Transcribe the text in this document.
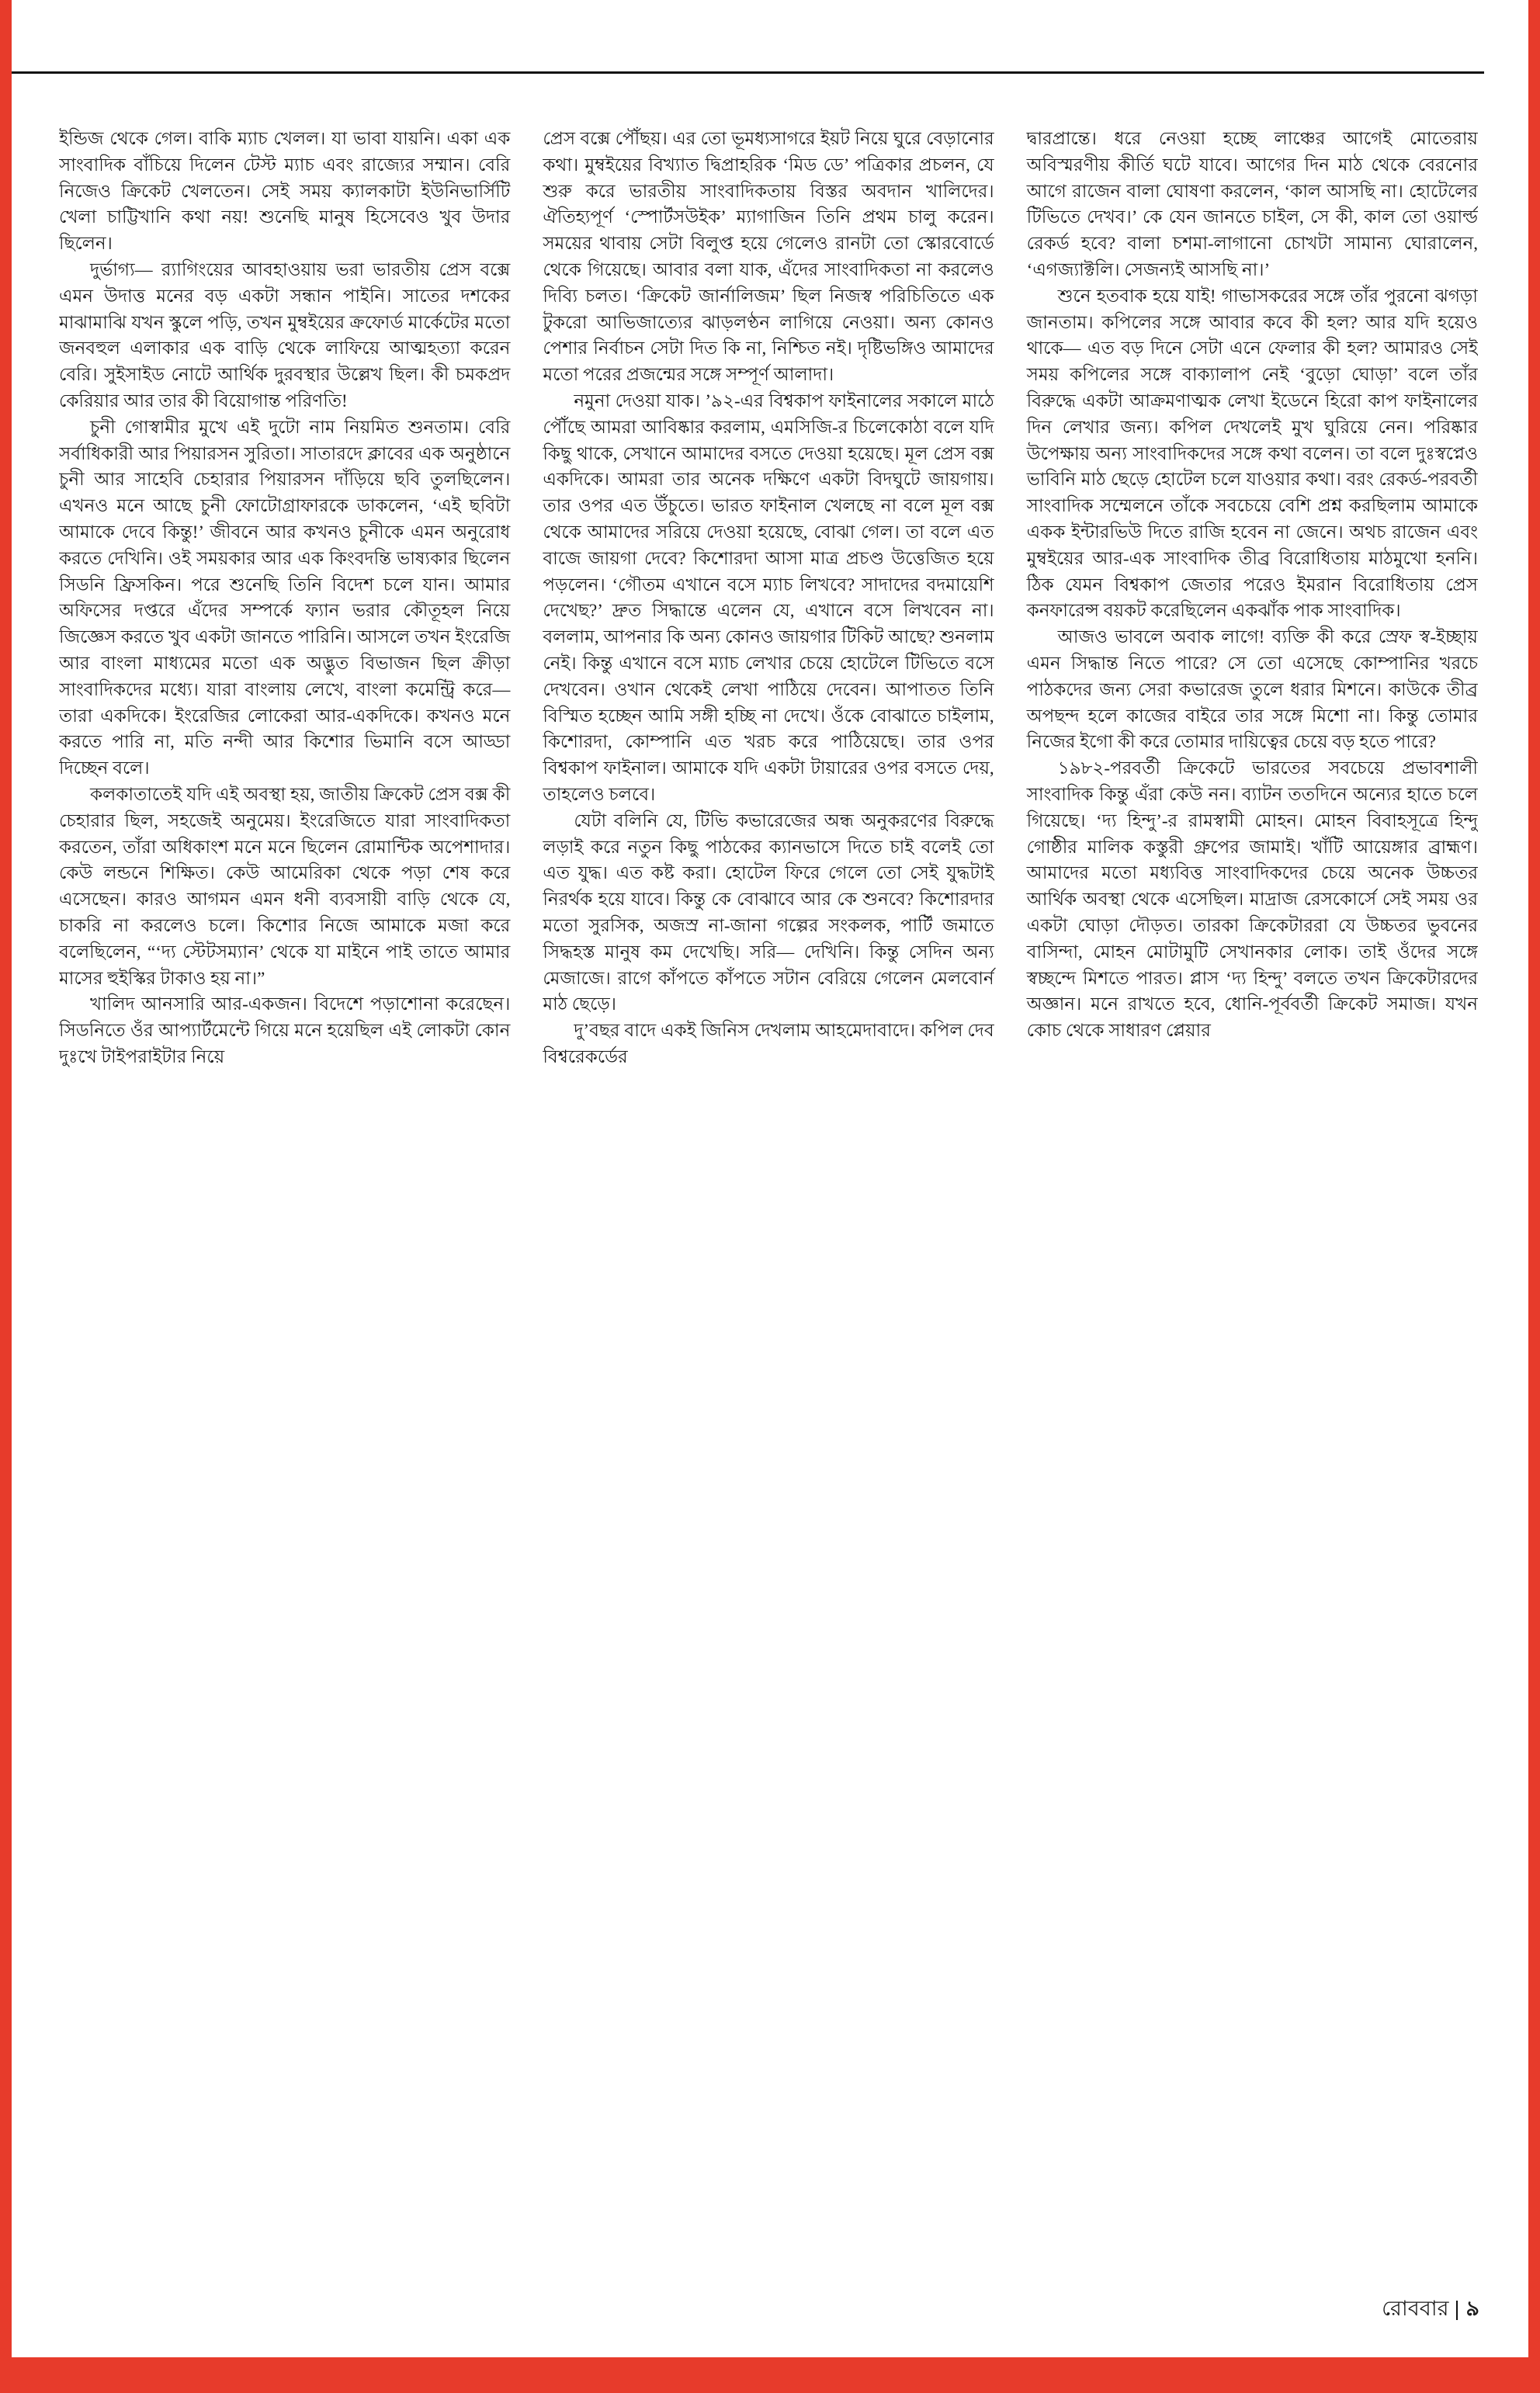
ইন্ডিজ থেকে গেল। বাকি ম্যাচ খেলল। যা ভাবা যায়নি। একা এক সাংবাদিক বাঁচিয়ে দিলেন টেস্ট ম্যাচ এবং রাজ্যের সম্মান। বেরি নিজেও ক্রিকেট খেলতেন। সেই সময় ক্যালকাটা ইউনিভার্সিটি খেলা চাট্টিখানি কথা নয়! শুনেছি মানুষ হিসেবেও খুব উদার ছিলেন।

দুর্ভাগ্য— র‍্যাগিংয়ের আবহাওয়ায় ভরা ভারতীয় প্রেস বক্সে এমন উদাত্ত মনের বড় একটা সন্ধান পাইনি। সাতের দশকের মাঝামাঝি যখন স্কুলে পড়ি, তখন মুম্বইয়ের ক্রফোর্ড মার্কেটের মতো জনবহুল এলাকার এক বাড়ি থেকে লাফিয়ে আত্মহত্যা করেন বেরি। সুইসাইড নোটে আর্থিক দুরবস্থার উল্লেখ ছিল। কী চমকপ্রদ কেরিয়ার আর তার কী বিয়োগান্ত পরিণতি!

চুনী গোস্বামীর মুখে এই দুটো নাম নিয়মিত শুনতাম। বেরি সর্বাধিকারী আর পিয়ারসন সুরিতা। সাতারদে ক্লাবের এক অনুষ্ঠানে চুনী আর সাহেবি চেহারার পিয়ারসন দাঁড়িয়ে ছবি তুলছিলেন। এখনও মনে আছে চুনী ফোটোগ্রাফারকে ডাকলেন, ‘এই ছবিটা আমাকে দেবে কিন্তু!’ জীবনে আর কখনও চুনীকে এমন অনুরোধ করতে দেখিনি। ওই সময়কার আর এক কিংবদন্তি ভাষ্যকার ছিলেন সিডনি ফ্রিসকিন। পরে শুনেছি তিনি বিদেশ চলে যান। আমার অফিসের দপ্তরে এঁদের সম্পর্কে ফ্যান ভরার কৌতূহল নিয়ে জিজ্ঞেস করতে খুব একটা জানতে পারিনি। আসলে তখন ইংরেজি আর বাংলা মাধ্যমের মতো এক অদ্ভুত বিভাজন ছিল ক্রীড়া সাংবাদিকদের মধ্যে। যারা বাংলায় লেখে, বাংলা কমেন্ট্রি করে— তারা একদিকে। ইংরেজির লোকেরা আর-একদিকে। কখনও মনে করতে পারি না, মতি নন্দী আর কিশোর ভিমানি বসে আড্ডা দিচ্ছেন বলে।

কলকাতাতেই যদি এই অবস্থা হয়, জাতীয় ক্রিকেট প্রেস বক্স কী চেহারার ছিল, সহজেই অনুমেয়। ইংরেজিতে যারা সাংবাদিকতা করতেন, তাঁরা অধিকাংশ মনে মনে ছিলেন রোমান্টিক অপেশাদার। কেউ লন্ডনে শিক্ষিত। কেউ আমেরিকা থেকে পড়া শেষ করে এসেছেন। কারও আগমন এমন ধনী ব্যবসায়ী বাড়ি থেকে যে, চাকরি না করলেও চলে। কিশোর নিজে আমাকে মজা করে বলেছিলেন, “‘দ্য স্টেটসম্যান’ থেকে যা মাইনে পাই তাতে আমার মাসের হুইস্কির টাকাও হয় না।”

খালিদ আনসারি আর-একজন। বিদেশে পড়াশোনা করেছেন। সিডনিতে ওঁর আপ্যার্টমেন্টে গিয়ে মনে হয়েছিল এই লোকটা কোন দুঃখে টাইপরাইটার নিয়ে

প্রেস বক্সে পৌঁছয়। এর তো ভূমধ্যসাগরে ইয়ট নিয়ে ঘুরে বেড়ানোর কথা। মুম্বইয়ের বিখ্যাত দ্বিপ্রাহরিক ‘মিড ডে’ পত্রিকার প্রচলন, যে শুরু করে ভারতীয় সাংবাদিকতায় বিস্তর অবদান খালিদের। ঐতিহ্যপূর্ণ ‘স্পোর্টসউইক’ ম্যাগাজিন তিনি প্রথম চালু করেন। সময়ের থাবায় সেটা বিলুপ্ত হয়ে গেলেও রানটা তো স্কোরবোর্ডে থেকে গিয়েছে। আবার বলা যাক, এঁদের সাংবাদিকতা না করলেও দিব্যি চলত। ‘ক্রিকেট জার্নালিজম’ ছিল নিজস্ব পরিচিতিতে এক টুকরো আভিজাত্যের ঝাড়লণ্ঠন লাগিয়ে নেওয়া। অন্য কোনও পেশার নির্বাচন সেটা দিত কি না, নিশ্চিত নই। দৃষ্টিভঙ্গিও আমাদের মতো পরের প্রজন্মের সঙ্গে সম্পূর্ণ আলাদা।

নমুনা দেওয়া যাক। ’৯২-এর বিশ্বকাপ ফাইনালের সকালে মাঠে পৌঁছে আমরা আবিষ্কার করলাম, এমসিজি-র চিলেকোঠা বলে যদি কিছু থাকে, সেখানে আমাদের বসতে দেওয়া হয়েছে। মূল প্রেস বক্স একদিকে। আমরা তার অনেক দক্ষিণে একটা বিদঘুটে জায়গায়। তার ওপর এত উঁচুতে। ভারত ফাইনাল খেলছে না বলে মূল বক্স থেকে আমাদের সরিয়ে দেওয়া হয়েছে, বোঝা গেল। তা বলে এত বাজে জায়গা দেবে? কিশোরদা আসা মাত্র প্রচণ্ড উত্তেজিত হয়ে পড়লেন। ‘গৌতম এখানে বসে ম্যাচ লিখবে? সাদাদের বদমায়েশি দেখেছ?’ দ্রুত সিদ্ধান্তে এলেন যে, এখানে বসে লিখবেন না। বললাম, আপনার কি অন্য কোনও জায়গার টিকিট আছে? শুনলাম নেই। কিন্তু এখানে বসে ম্যাচ লেখার চেয়ে হোটেলে টিভিতে বসে দেখবেন। ওখান থেকেই লেখা পাঠিয়ে দেবেন। আপাতত তিনি বিস্মিত হচ্ছেন আমি সঙ্গী হচ্ছি না দেখে। ওঁকে বোঝাতে চাইলাম, কিশোরদা, কোম্পানি এত খরচ করে পাঠিয়েছে। তার ওপর বিশ্বকাপ ফাইনাল। আমাকে যদি একটা টায়ারের ওপর বসতে দেয়, তাহলেও চলবে।

যেটা বলিনি যে, টিভি কভারেজের অন্ধ অনুকরণের বিরুদ্ধে লড়াই করে নতুন কিছু পাঠকের ক্যানভাসে দিতে চাই বলেই তো এত যুদ্ধ। এত কষ্ট করা। হোটেল ফিরে গেলে তো সেই যুদ্ধটাই নিরর্থক হয়ে যাবে। কিন্তু কে বোঝাবে আর কে শুনবে? কিশোরদার মতো সুরসিক, অজস্র না-জানা গল্পের সংকলক, পার্টি জমাতে সিদ্ধহস্ত মানুষ কম দেখেছি। সরি— দেখিনি। কিন্তু সেদিন অন্য মেজাজে। রাগে কাঁপতে কাঁপতে সটান বেরিয়ে গেলেন মেলবোর্ন মাঠ ছেড়ে।

দু’বছর বাদে একই জিনিস দেখলাম আহমেদাবাদে। কপিল দেব বিশ্বরেকর্ডের

দ্বারপ্রান্তে। ধরে নেওয়া হচ্ছে লাঞ্চের আগেই মোতেরায় অবিস্মরণীয় কীর্তি ঘটে যাবে। আগের দিন মাঠ থেকে বেরনোর আগে রাজেন বালা ঘোষণা করলেন, ‘কাল আসছি না। হোটেলের টিভিতে দেখব।’ কে যেন জানতে চাইল, সে কী, কাল তো ওয়ার্ল্ড রেকর্ড হবে? বালা চশমা-লাগানো চোখটা সামান্য ঘোরালেন, ‘এগজ্যাক্টলি। সেজন্যই আসছি না।’

শুনে হতবাক হয়ে যাই! গাভাসকরের সঙ্গে তাঁর পুরনো ঝগড়া জানতাম। কপিলের সঙ্গে আবার কবে কী হল? আর যদি হয়েও থাকে— এত বড় দিনে সেটা এনে ফেলার কী হল? আমারও সেই সময় কপিলের সঙ্গে বাক্যালাপ নেই ‘বুড়ো ঘোড়া’ বলে তাঁর বিরুদ্ধে একটা আক্রমণাত্মক লেখা ইডেনে হিরো কাপ ফাইনালের দিন লেখার জন্য। কপিল দেখলেই মুখ ঘুরিয়ে নেন। পরিষ্কার উপেক্ষায় অন্য সাংবাদিকদের সঙ্গে কথা বলেন। তা বলে দুঃস্বপ্নেও ভাবিনি মাঠ ছেড়ে হোটেল চলে যাওয়ার কথা। বরং রেকর্ড-পরবর্তী সাংবাদিক সম্মেলনে তাঁকে সবচেয়ে বেশি প্রশ্ন করছিলাম আমাকে একক ইন্টারভিউ দিতে রাজি হবেন না জেনে। অথচ রাজেন এবং মুম্বইয়ের আর-এক সাংবাদিক তীব্র বিরোধিতায় মাঠমুখো হননি। ঠিক যেমন বিশ্বকাপ জেতার পরেও ইমরান বিরোধিতায় প্রেস কনফারেন্স বয়কট করেছিলেন একঝাঁক পাক সাংবাদিক।

আজও ভাবলে অবাক লাগে! ব্যক্তি কী করে স্রেফ স্ব-ইচ্ছায় এমন সিদ্ধান্ত নিতে পারে? সে তো এসেছে কোম্পানির খরচে পাঠকদের জন্য সেরা কভারেজ তুলে ধরার মিশনে। কাউকে তীব্র অপছন্দ হলে কাজের বাইরে তার সঙ্গে মিশো না। কিন্তু তোমার নিজের ইগো কী করে তোমার দায়িত্বের চেয়ে বড় হতে পারে?

১৯৮২-পরবর্তী ক্রিকেটে ভারতের সবচেয়ে প্রভাবশালী সাংবাদিক কিন্তু এঁরা কেউ নন। ব্যাটন ততদিনে অন্যের হাতে চলে গিয়েছে। ‘দ্য হিন্দু’-র রামস্বামী মোহন। মোহন বিবাহসূত্রে হিন্দু গোষ্ঠীর মালিক কস্তুরী গ্রুপের জামাই। খাঁটি আয়েঙ্গার ব্রাহ্মণ। আমাদের মতো মধ্যবিত্ত সাংবাদিকদের চেয়ে অনেক উচ্চতর আর্থিক অবস্থা থেকে এসেছিল। মাদ্রাজ রেসকোর্সে সেই সময় ওর একটা ঘোড়া দৌড়ত। তারকা ক্রিকেটাররা যে উচ্চতর ভুবনের বাসিন্দা, মোহন মোটামুটি সেখানকার লোক। তাই ওঁদের সঙ্গে স্বচ্ছন্দে মিশতে পারত। প্লাস ‘দ্য হিন্দু’ বলতে তখন ক্রিকেটারদের অজ্ঞান। মনে রাখতে হবে, ধোনি-পূর্ববর্তী ক্রিকেট সমাজ। যখন কোচ থেকে সাধারণ প্লেয়ার

রোববার ৯
